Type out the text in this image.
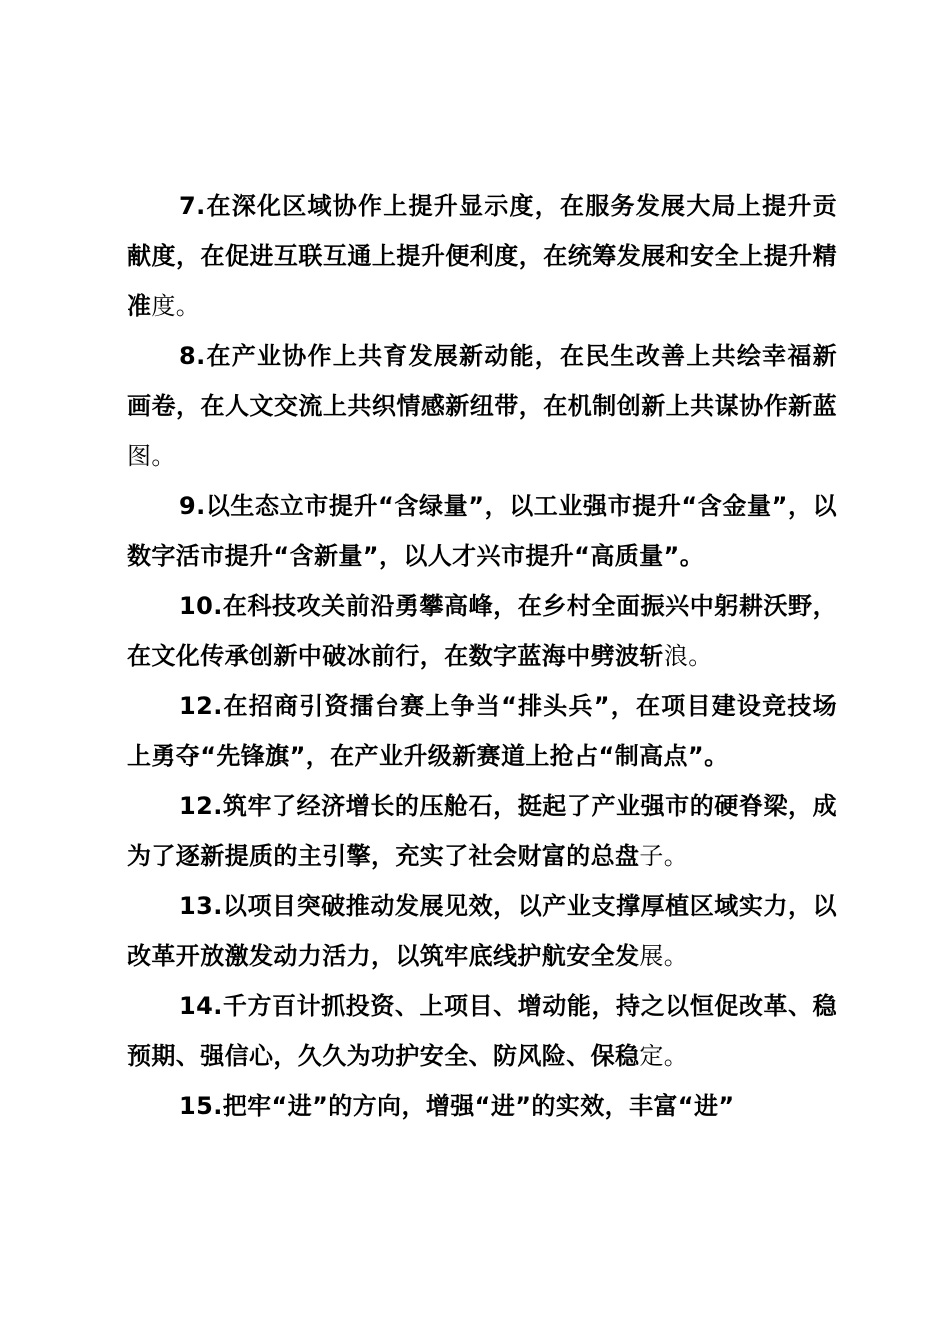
7.在深化区域协作上提升显示度，在服务发展大局上提升贡献度，在促进互联互通上提升便利度，在统筹发展和安全上提升精准度。

8.在产业协作上共育发展新动能，在民生改善上共绘幸福新画卷，在人文交流上共织情感新纽带，在机制创新上共谋协作新蓝图。

9.以生态立市提升“含绿量”，以工业强市提升“含金量”，以数字活市提升“含新量”，以人才兴市提升“高质量”。

10.在科技攻关前沿勇攀高峰，在乡村全面振兴中躬耕沃野，在文化传承创新中破冰前行，在数字蓝海中劈波斩浪。

12.在招商引资擂台赛上争当“排头兵”，在项目建设竞技场上勇夺“先锋旗”，在产业升级新赛道上抢占“制高点”。

12.筑牢了经济增长的压舱石，挺起了产业强市的硬脊梁，成为了逐新提质的主引擎，充实了社会财富的总盘子。

13.以项目突破推动发展见效，以产业支撑厚植区域实力，以改革开放激发动力活力，以筑牢底线护航安全发展。

14.千方百计抓投资、上项目、增动能，持之以恒促改革、稳预期、强信心，久久为功护安全、防风险、保稳定。

15.把牢“进”的方向，增强“进”的实效，丰富“进”
